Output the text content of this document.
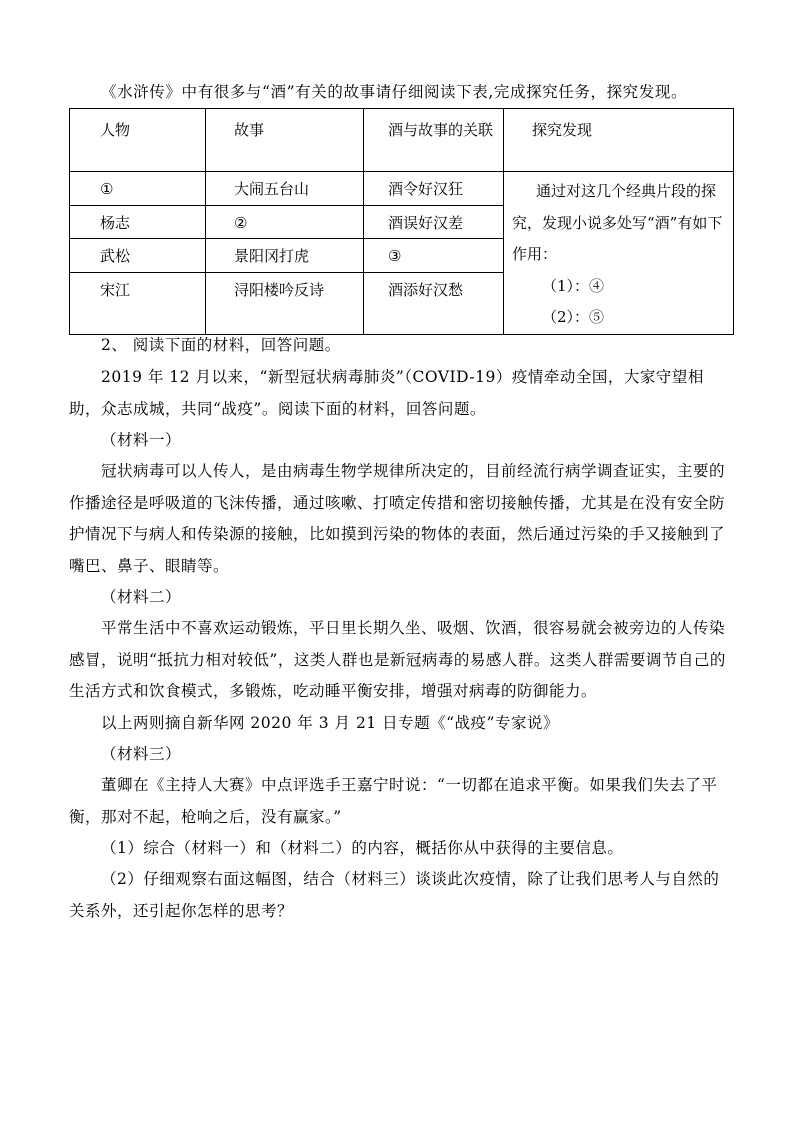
《水浒传》中有很多与“酒”有关的故事请仔细阅读下表,完成探究任务，探究发现。
人物	故事	酒与故事的关联	探究发现

①	大闹五台山	酒令好汉狂	通过对这几个经典片段的探究，发现小说多处写“酒”有如下作用：
（1）：④
（2）：⑤

杨志	②	酒误好汉差	

武松	景阳冈打虎	③	

宋江	浔阳楼吟反诗	酒添好汉愁	

2、 阅读下面的材料，回答问题。

2019 年 12 月以来，“新型冠状病毒肺炎”（COVID-19）疫情牵动全国，大家守望相助，众志成城，共同“战疫”。阅读下面的材料，回答问题。

（材料一）

冠状病毒可以人传人，是由病毒生物学规律所决定的，目前经流行病学调查证实，主要的作播途径是呼吸道的飞沫传播，通过咳嗽、打喷定传措和密切接触传播，尤其是在没有安全防护情况下与病人和传染源的接触，比如摸到污染的物体的表面，然后通过污染的手又接触到了嘴巴、鼻子、眼睛等。

（材料二）

平常生活中不喜欢运动锻炼，平日里长期久坐、吸烟、饮酒，很容易就会被旁边的人传染感冒，说明“抵抗力相对较低”，这类人群也是新冠病毒的易感人群。这类人群需要调节自己的生活方式和饮食模式，多锻炼，吃动睡平衡安排，增强对病毒的防御能力。

以上两则摘自新华网 2020 年 3 月 21 日专题《“战疫”专家说》

（材料三）

董卿在《主持人大赛》中点评选手王嘉宁时说：“一切都在追求平衡。如果我们失去了平衡，那对不起，枪响之后，没有赢家。”

（1）综合（材料一）和（材料二）的内容，概括你从中获得的主要信息。

（2）仔细观察右面这幅图，结合（材料三）谈谈此次疫情，除了让我们思考人与自然的关系外，还引起你怎样的思考？
